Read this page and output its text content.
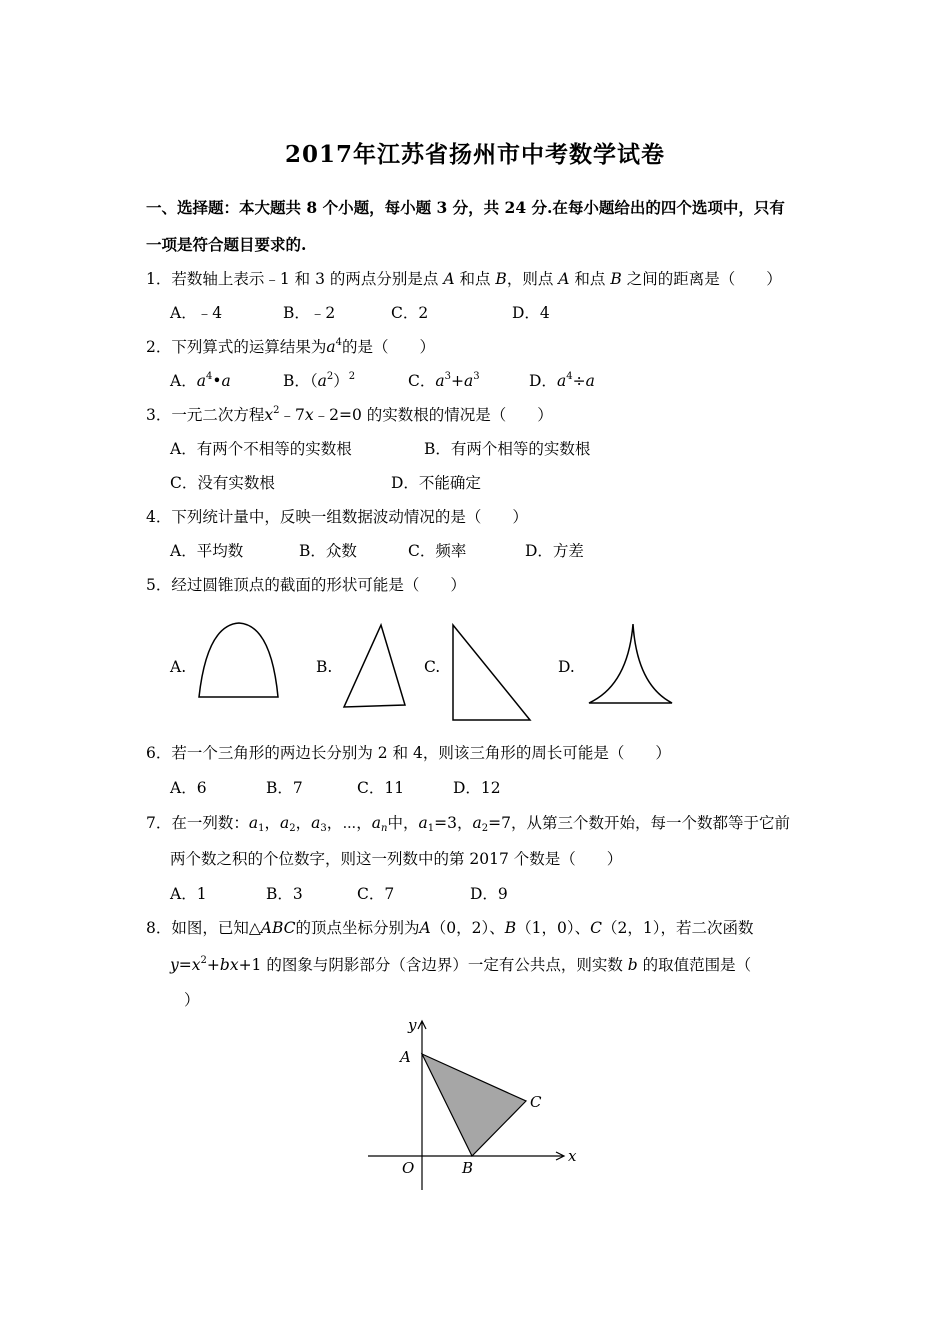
2017年江苏省扬州市中考数学试卷
一、选择题：本大题共 8 个小题，每小题 3 分，共 24 分.在每小题给出的四个选项中，只有
一项是符合题目要求的.
1．若数轴上表示﹣1 和 3 的两点分别是点 A 和点 B，则点 A 和点 B 之间的距离是（　　）
A．﹣4	B．﹣2	C．2	D．4
2．下列算式的运算结果为$a^4$的是（　　）
A．$a^4•a$	B．$(a^2)^2$	C．$a^3+a^3$	D．$a^4\div a$
3．一元二次方程$x^2﹣7x﹣2=0$ 的实数根的情况是（　　）
A．有两个不相等的实数根	B．有两个相等的实数根
C．没有实数根	D．不能确定
4．下列统计量中，反映一组数据波动情况的是（　　）
A．平均数	B．众数	C．频率	D．方差
5．经过圆锥顶点的截面的形状可能是（　　）
A.	B.	C.	D.
6．若一个三角形的两边长分别为 2 和 4，则该三角形的周长可能是（　　）
A．6	B．7	C．11	D．12
7．在一列数：$a_1$，$a_2$，$a_3$，⋯，$a_n$中，$a_1=3$，$a_2=7$，从第三个数开始，每一个数都等于它前
两个数之积的个位数字，则这一列数中的第 2017 个数是（　　）
A．1	B．3	C．7	D．9
8．如图，已知△ABC的顶点坐标分别为A（0，2）、B（1，0）、C（2，1），若二次函数
$y=x^2+bx+1$ 的图象与阴影部分（含边界）一定有公共点，则实数 b 的取值范围是（
）
y
x
A
C
B
O
